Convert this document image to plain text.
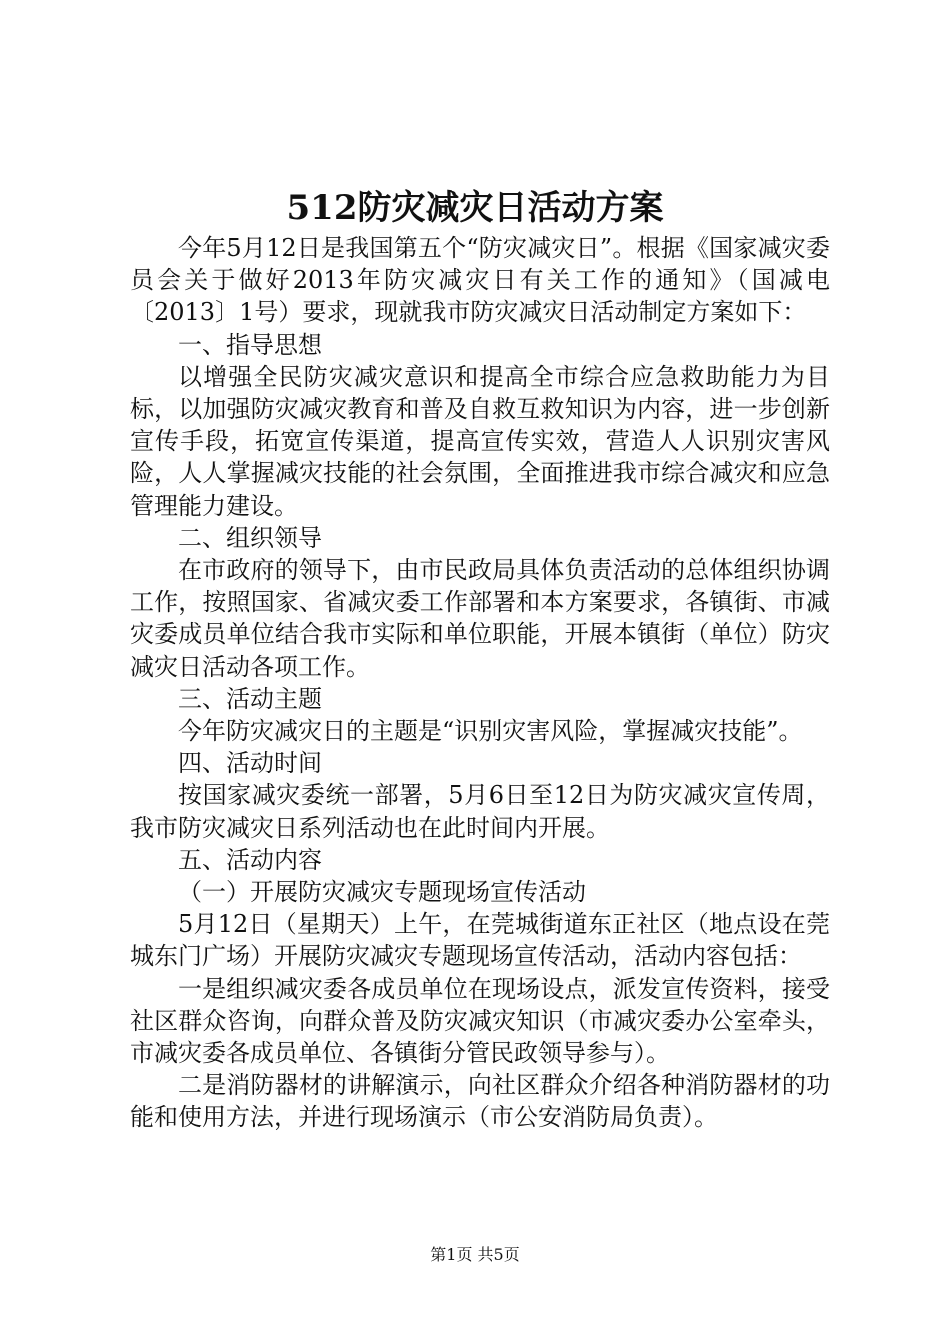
512防灾减灾日活动方案

今年5月12日是我国第五个“防灾减灾日”。根据《国家减灾委员会关于做好2013年防灾减灾日有关工作的通知》（国减电〔2013〕1号）要求，现就我市防灾减灾日活动制定方案如下：

一、指导思想

以增强全民防灾减灾意识和提高全市综合应急救助能力为目标，以加强防灾减灾教育和普及自救互救知识为内容，进一步创新宣传手段，拓宽宣传渠道，提高宣传实效，营造人人识别灾害风险，人人掌握减灾技能的社会氛围，全面推进我市综合减灾和应急管理能力建设。

二、组织领导

在市政府的领导下，由市民政局具体负责活动的总体组织协调工作，按照国家、省减灾委工作部署和本方案要求，各镇街、市减灾委成员单位结合我市实际和单位职能，开展本镇街（单位）防灾减灾日活动各项工作。

三、活动主题

今年防灾减灾日的主题是“识别灾害风险，掌握减灾技能”。

四、活动时间

按国家减灾委统一部署，5月6日至12日为防灾减灾宣传周，我市防灾减灾日系列活动也在此时间内开展。

五、活动内容

（一）开展防灾减灾专题现场宣传活动

5月12日（星期天）上午，在莞城街道东正社区（地点设在莞城东门广场）开展防灾减灾专题现场宣传活动，活动内容包括：

一是组织减灾委各成员单位在现场设点，派发宣传资料，接受社区群众咨询，向群众普及防灾减灾知识（市减灾委办公室牵头，市减灾委各成员单位、各镇街分管民政领导参与）。

二是消防器材的讲解演示，向社区群众介绍各种消防器材的功能和使用方法，并进行现场演示（市公安消防局负责）。

第1页 共5页
